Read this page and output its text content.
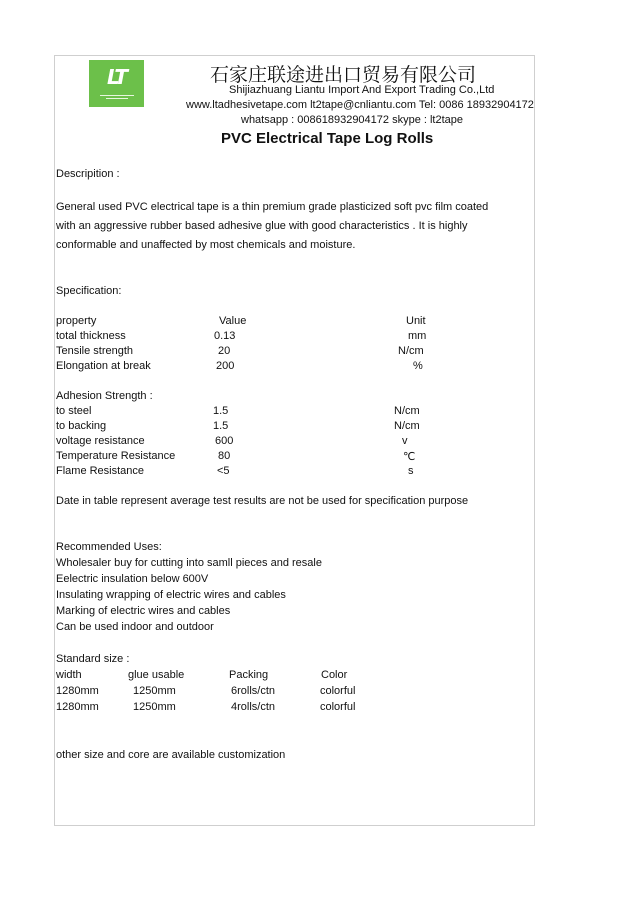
LT	石家庄联途进出口贸易有限公司
Shijiazhuang Liantu Import And Export Trading Co.,Ltd
www.ltadhesivetape.com lt2tape@cnliantu.com Tel: 0086 18932904172
whatsapp : 008618932904172 skype : lt2tape
PVC Electrical Tape Log Rolls
Descripition :
General used PVC electrical tape is a thin premium grade plasticized soft pvc film coated
with an aggressive rubber based adhesive glue with good characteristics . It is highly
conformable and unaffected by most chemicals and moisture.
Specification:
property	Value	Unit
total thickness	0.13	mm
Tensile strength	20	N/cm
Elongation at break	200	%
Adhesion Strength :
to steel	1.5	N/cm
to backing	1.5	N/cm
voltage resistance	600	v
Temperature Resistance	80	℃
Flame Resistance	<5	s
Date in table represent average test results are not be used for specification purpose
Recommended Uses:
Wholesaler buy for cutting into samll pieces and resale
Eelectric insulation below 600V
Insulating wrapping of electric wires and cables
Marking of electric wires and cables
Can be used indoor and outdoor
Standard size :
width	glue usable	Packing	Color
1280mm	1250mm	6rolls/ctn	colorful
1280mm	1250mm	4rolls/ctn	colorful
other size and core are available customization
